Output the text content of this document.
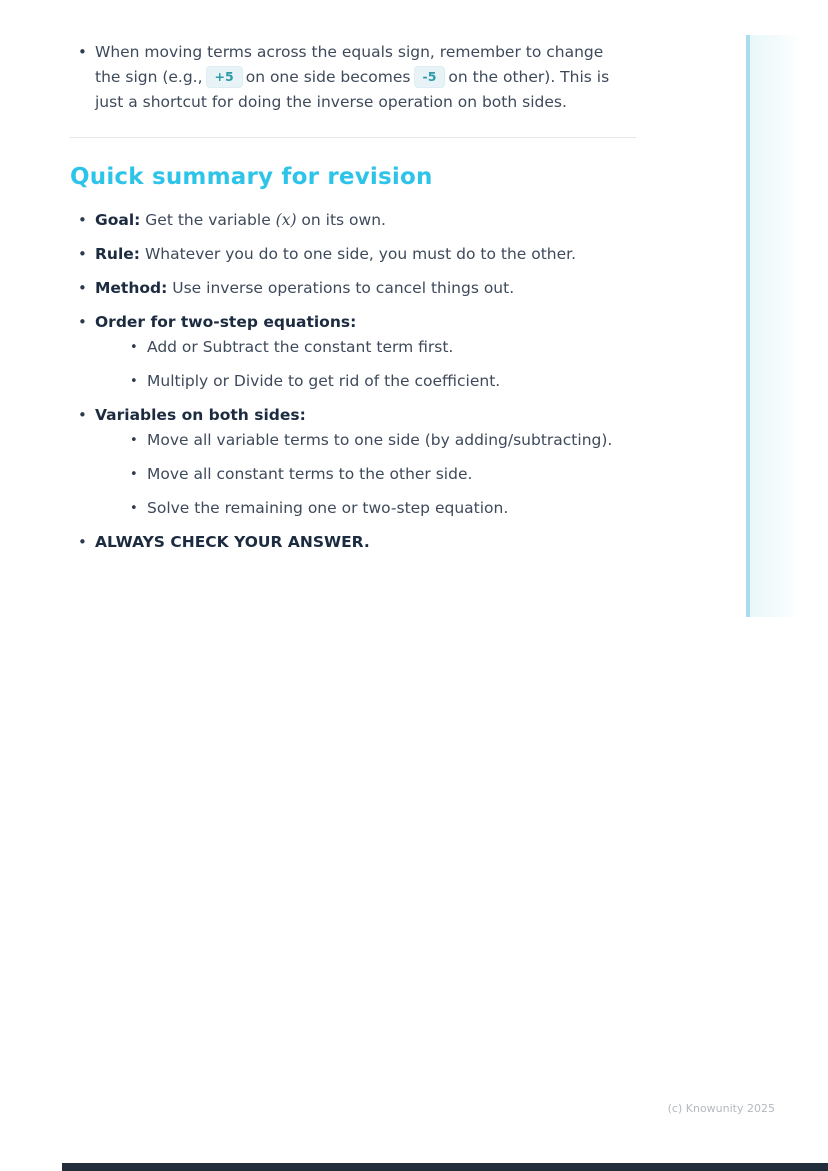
• When moving terms across the equals sign, remember to change the sign (e.g., +5 on one side becomes -5 on the other). This is just a shortcut for doing the inverse operation on both sides.
Quick summary for revision
• Goal: Get the variable (x) on its own.
• Rule: Whatever you do to one side, you must do to the other.
• Method: Use inverse operations to cancel things out.
• Order for two-step equations:
• Add or Subtract the constant term first.
• Multiply or Divide to get rid of the coefficient.
• Variables on both sides:
• Move all variable terms to one side (by adding/subtracting).
• Move all constant terms to the other side.
• Solve the remaining one or two-step equation.
• ALWAYS CHECK YOUR ANSWER.
(c) Knowunity 2025
